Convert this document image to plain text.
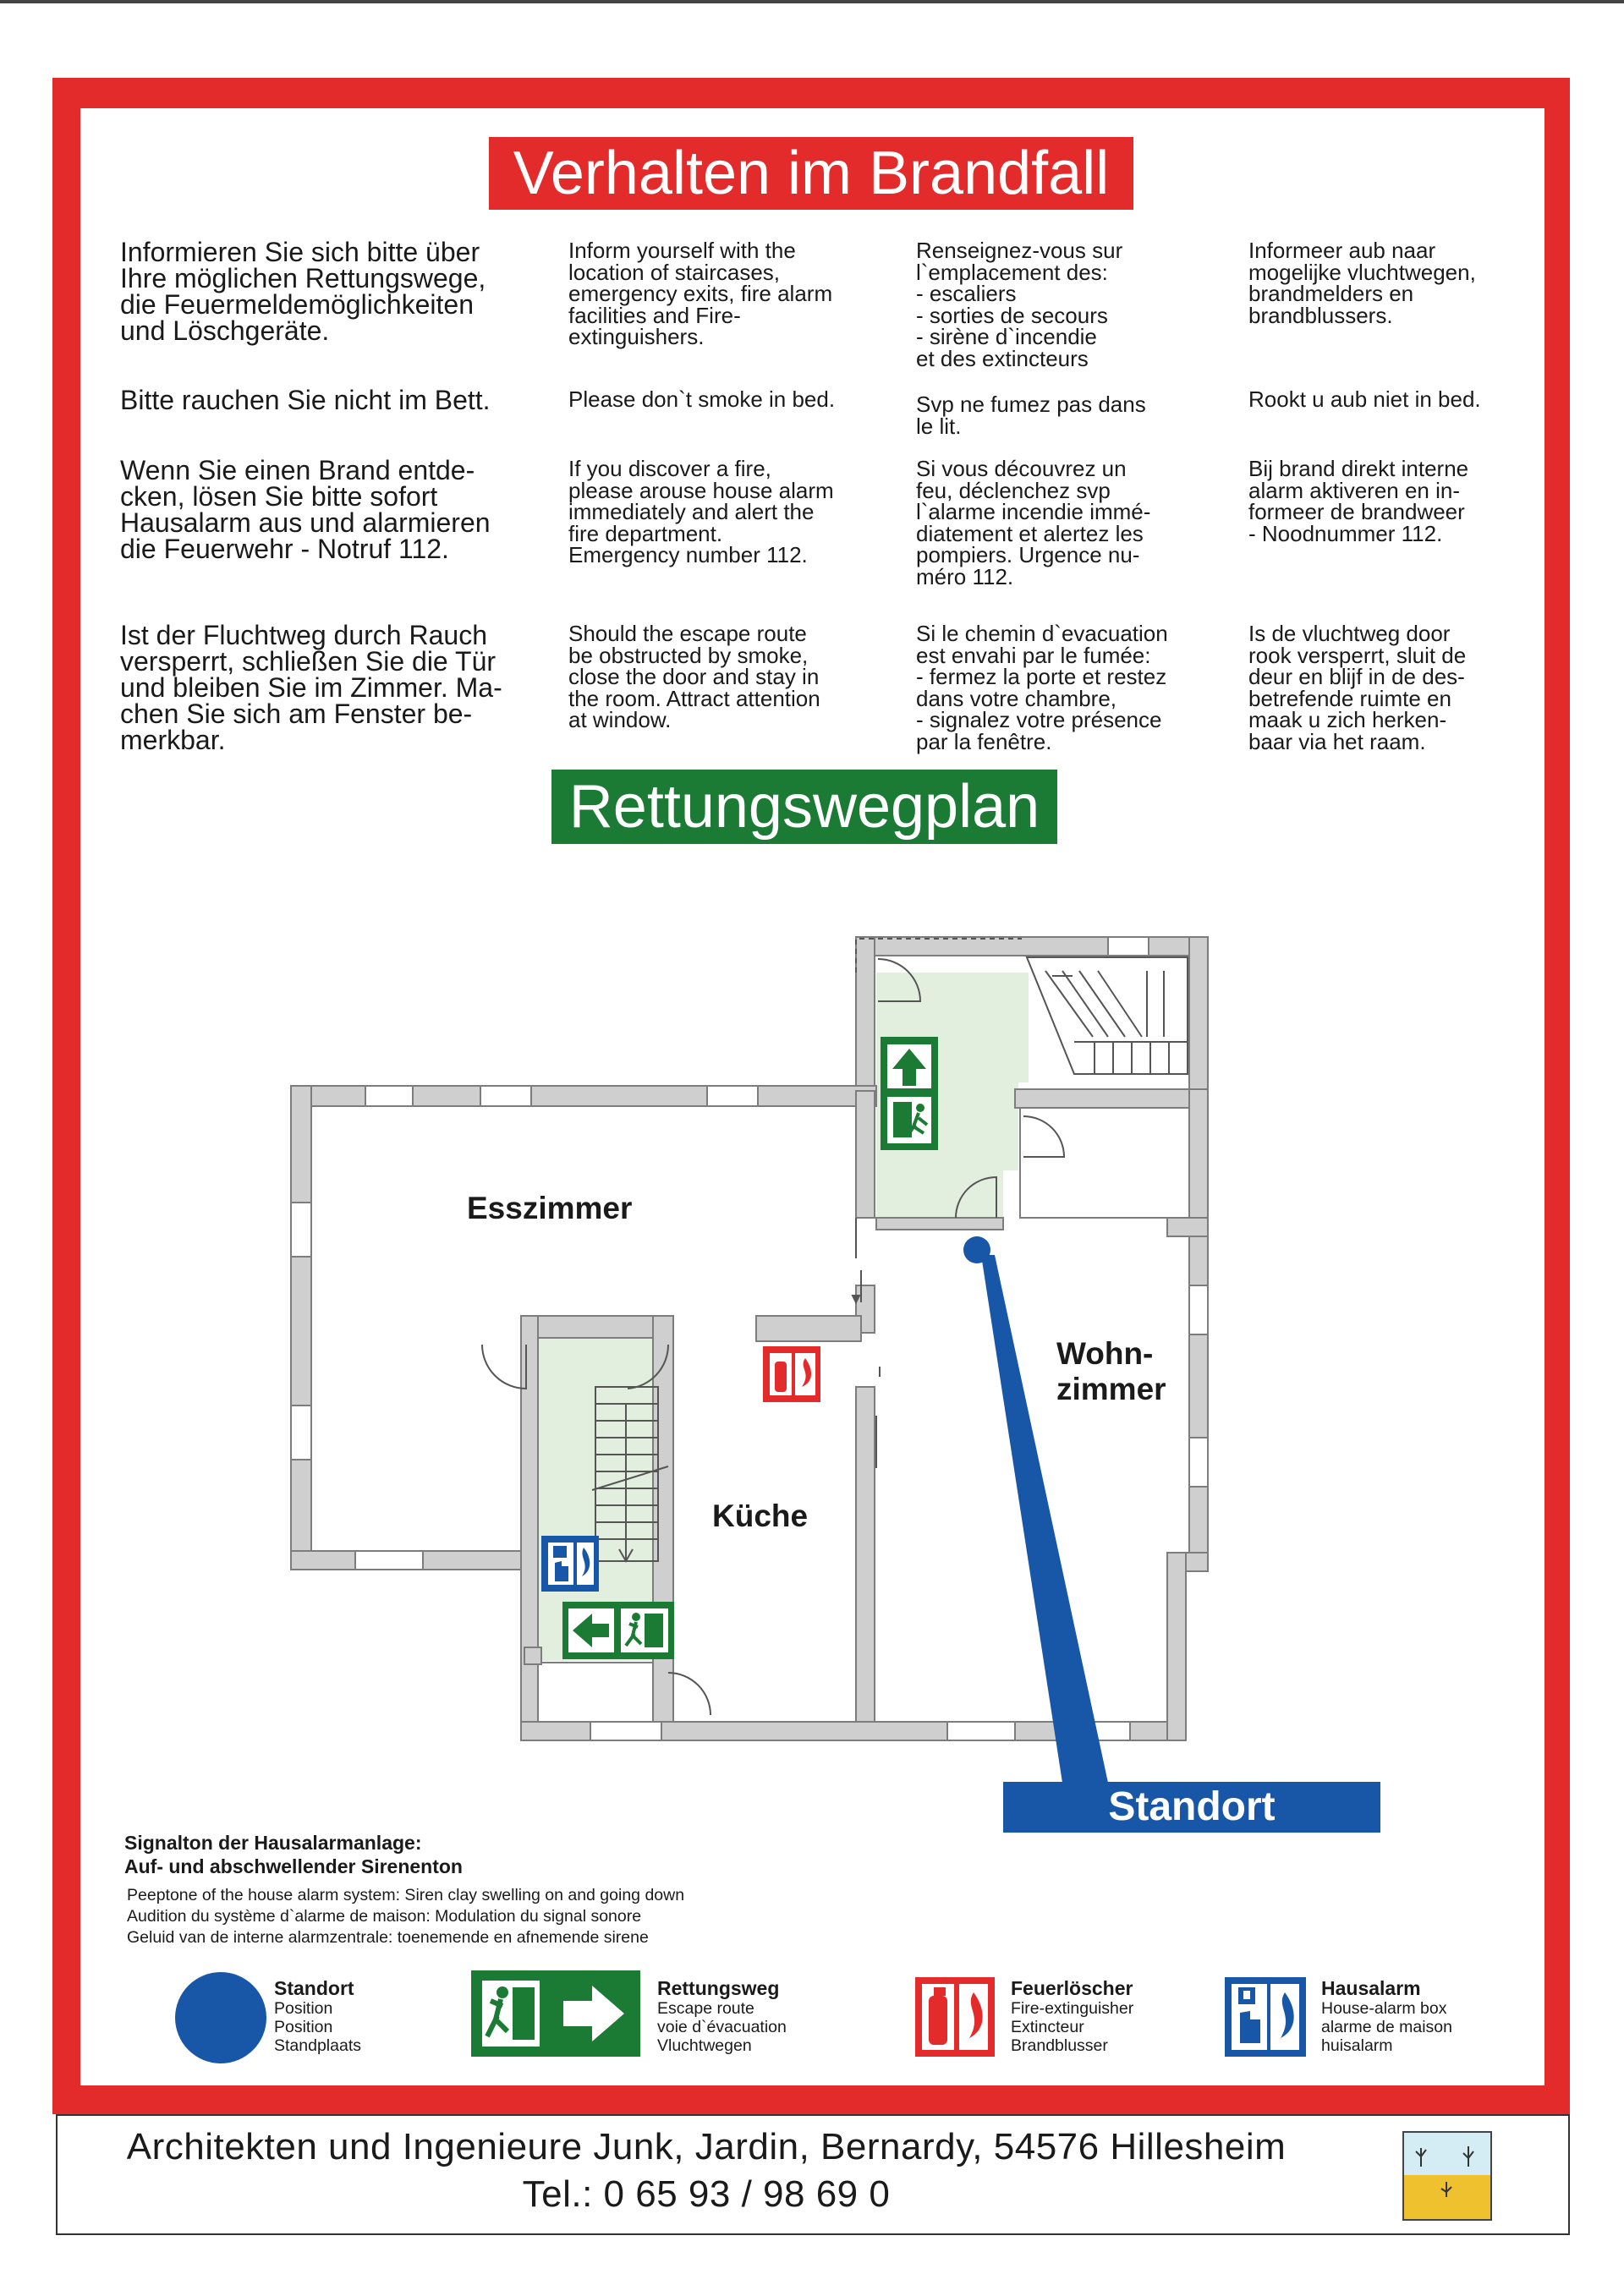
Verhalten im Brandfall

Informieren Sie sich bitte über
Ihre möglichen Rettungswege,
die Feuermeldemöglichkeiten
und Löschgeräte.

Inform yourself with the
location of staircases,
emergency exits, fire alarm
facilities and Fire-
extinguishers.

Renseignez-vous sur
l`emplacement des:
- escaliers
- sorties de secours
- sirène d`incendie
et des extincteurs

Informeer aub naar
mogelijke vluchtwegen,
brandmelders en
brandblussers.

Bitte rauchen Sie nicht im Bett.	Please don`t smoke in bed.	Svp ne fumez pas dans
le lit.

Rookt u aub niet in bed.

Wenn Sie einen Brand entde-
cken, lösen Sie bitte sofort
Hausalarm aus und alarmieren
die Feuerwehr - Notruf 112.

If you discover a fire,
please arouse house alarm
immediately and alert the
fire department.
Emergency number 112.

Si vous découvrez un
feu, déclenchez svp
l`alarme incendie immé-
diatement et alertez les
pompiers. Urgence nu-
méro 112.

Bij brand direkt interne
alarm aktiveren en in-
formeer de brandweer
- Noodnummer 112.

Ist der Fluchtweg durch Rauch
versperrt, schließen Sie die Tür
und bleiben Sie im Zimmer. Ma-
chen Sie sich am Fenster be-
merkbar.

Should the escape route
be obstructed by smoke,
close the door and stay in
the room. Attract attention
at window.

Si le chemin d`evacuation
est envahi par le fumée:
- fermez la porte et restez
dans votre chambre,
- signalez votre présence
par la fenêtre.

Is de vluchtweg door
rook versperrt, sluit de
deur en blijf in de des-
betrefende ruimte en
maak u zich herken-
baar via het raam.

Rettungswegplan
Esszimmer
Küche
Wohn-
zimmer
Standort
Signalton der Hausalarmanlage:
Auf- und abschwellender Sirenenton
Peeptone of the house alarm system: Siren clay swelling on and going down
Audition du système d`alarme de maison: Modulation du signal sonore
Geluid van de interne alarmzentrale: toenemende en afnemende sirene
Standort
Position
Position
Standplaats
Rettungsweg
Escape route
voie d`évacuation
Vluchtwegen
Feuerlöscher
Fire-extinguisher
Extincteur
Brandblusser
Hausalarm
House-alarm box
alarme de maison
huisalarm
Architekten und Ingenieure Junk, Jardin, Bernardy, 54576 Hillesheim
Tel.: 0 65 93 / 98 69 0
